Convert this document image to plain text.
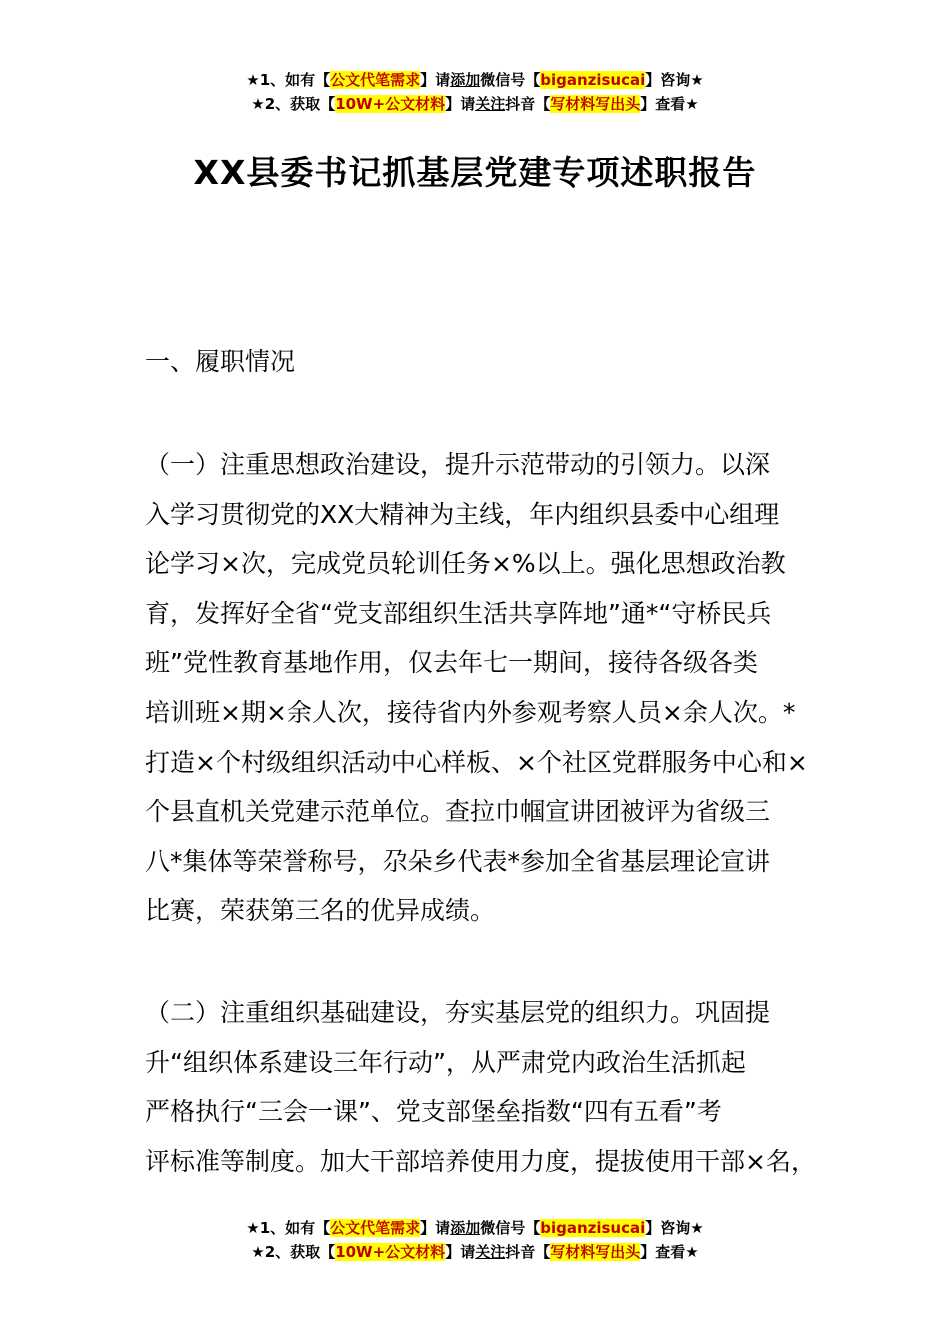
★1、如有【公文代笔需求】请添加微信号【biganzisucai】咨询★
★2、获取【10W+公文材料】请关注抖音【写材料写出头】查看★
XX县委书记抓基层党建专项述职报告
一、履职情况
（一）注重思想政治建设，提升示范带动的引领力。以深
入学习贯彻党的XX大精神为主线，年内组织县委中心组理
论学习×次，完成党员轮训任务×%以上。强化思想政治教
育，发挥好全省“党支部组织生活共享阵地”通*“守桥民兵
班”党性教育基地作用，仅去年七一期间，接待各级各类
培训班×期×余人次，接待省内外参观考察人员×余人次。*
打造×个村级组织活动中心样板、×个社区党群服务中心和×
个县直机关党建示范单位。查拉巾帼宣讲团被评为省级三
八*集体等荣誉称号，尕朵乡代表*参加全省基层理论宣讲
比赛，荣获第三名的优异成绩。
（二）注重组织基础建设，夯实基层党的组织力。巩固提
升“组织体系建设三年行动”，从严肃党内政治生活抓起
严格执行“三会一课”、党支部堡垒指数“四有五看”考
评标准等制度。加大干部培养使用力度，提拔使用干部×名，
★1、如有【公文代笔需求】请添加微信号【biganzisucai】咨询★
★2、获取【10W+公文材料】请关注抖音【写材料写出头】查看★
